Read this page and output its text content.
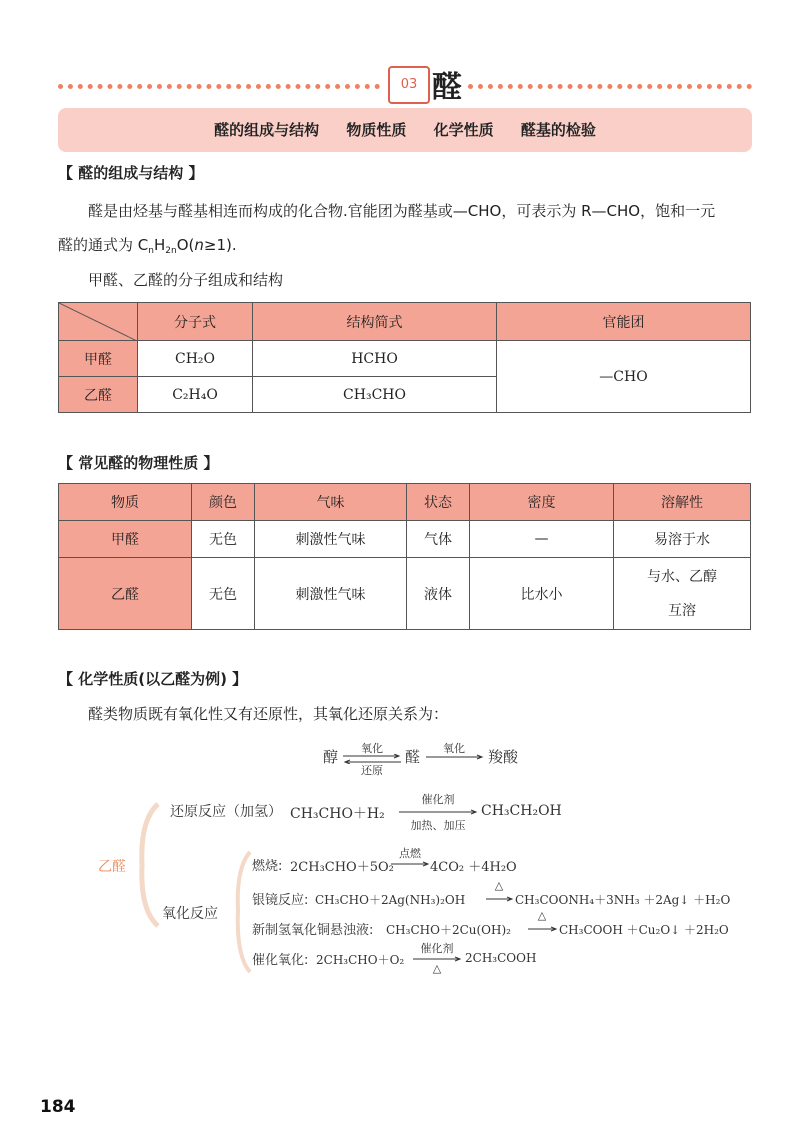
03 醛
醛的组成与结构 物质性质 化学性质 醛基的检验
【 醛的组成与结构 】
醛是由烃基与醛基相连而构成的化合物.官能团为醛基或—CHO，可表示为 R—CHO，饱和一元
醛的通式为 $C_nH_{2n}O(n\ge 1)$.
甲醛、乙醛的分子组成和结构
	分子式	结构简式	官能团
甲醛	CH₂O	HCHO	—CHO
乙醛	C₂H₄O	CH₃CHO	
【 常见醛的物理性质 】
物质	颜色	气味	状态	密度	溶解性
甲醛	无色	刺激性气味	气体	—	易溶于水
乙醛	无色	刺激性气味	液体	比水小	与水、乙醇
互溶
【 化学性质(以乙醛为例) 】
醛类物质既有氧化性又有还原性，其氧化还原关系为：
醇	氧化
还原
醛	氧化	羧酸
乙醛
还原反应（加氢） CH₃CHO＋H₂
催化剂
加热、加压
CH₃CH₂OH
氧化反应
燃烧: 2CH₃CHO＋5O₂
点燃
4CO₂ ＋4H₂O
银镜反应: CH₃CHO＋2Ag(NH₃)₂OH
△
CH₃COONH₄＋3NH₃ ＋2Ag↓ ＋H₂O
新制氢氧化铜悬浊液: CH₃CHO＋2Cu(OH)₂
△
CH₃COOH ＋Cu₂O↓ ＋2H₂O
催化氧化: 2CH₃CHO＋O₂
催化剂
△
2CH₃COOH
184
